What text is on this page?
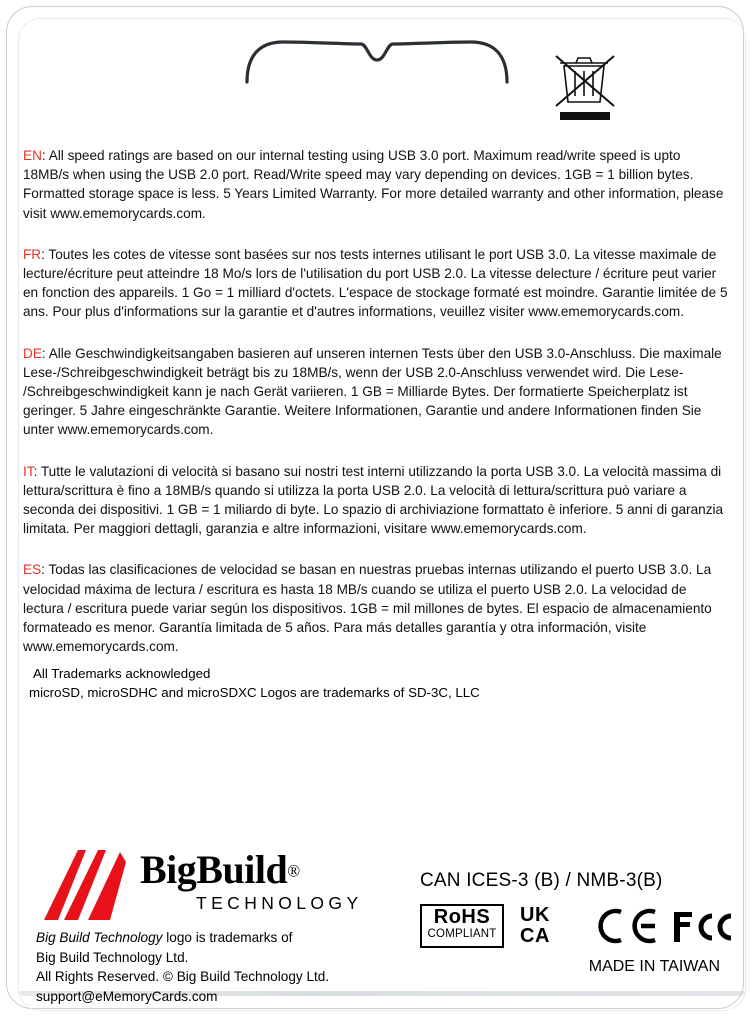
EN: All speed ratings are based on our internal testing using USB 3.0 port. Maximum read/write speed is upto 18MB/s when using the USB 2.0 port. Read/Write speed may vary depending on devices. 1GB = 1 billion bytes. Formatted storage space is less. 5 Years Limited Warranty. For more detailed warranty and other information, please visit www.ememorycards.com.

FR: Toutes les cotes de vitesse sont basées sur nos tests internes utilisant le port USB 3.0. La vitesse maximale de lecture/écriture peut atteindre 18 Mo/s lors de l'utilisation du port USB 2.0. La vitesse delecture / écriture peut varier en fonction des appareils. 1 Go = 1 milliard d'octets. L'espace de stockage formaté est moindre. Garantie limitée de 5 ans. Pour plus d'informations sur la garantie et d'autres informations, veuillez visiter www.ememorycards.com.

DE: Alle Geschwindigkeitsangaben basieren auf unseren internen Tests über den USB 3.0-Anschluss. Die maximale Lese-/Schreibgeschwindigkeit beträgt bis zu 18MB/s, wenn der USB 2.0-Anschluss verwendet wird. Die Lese- /Schreibgeschwindigkeit kann je nach Gerät variieren. 1 GB = Milliarde Bytes. Der formatierte Speicherplatz ist geringer. 5 Jahre eingeschränkte Garantie. Weitere Informationen, Garantie und andere Informationen finden Sie unter www.ememorycards.com.

IT: Tutte le valutazioni di velocità si basano sui nostri test interni utilizzando la porta USB 3.0. La velocità massima di lettura/scrittura è fino a 18MB/s quando si utilizza la porta USB 2.0. La velocità di lettura/scrittura può variare a seconda dei dispositivi. 1 GB = 1 miliardo di byte. Lo spazio di archiviazione formattato è inferiore. 5 anni di garanzia limitata. Per maggiori dettagli, garanzia e altre informazioni, visitare www.ememorycards.com.

ES: Todas las clasificaciones de velocidad se basan en nuestras pruebas internas utilizando el puerto USB 3.0. La velocidad máxima de lectura / escritura es hasta 18 MB/s cuando se utiliza el puerto USB 2.0. La velocidad de lectura / escritura puede variar según los dispositivos. 1GB = mil millones de bytes. El espacio de almacenamiento formateado es menor. Garantía limitada de 5 años. Para más detalles garantía y otra información, visite www.ememorycards.com.

All Trademarks acknowledged
microSD, microSDHC and microSDXC Logos are trademarks of SD-3C, LLC
BigBuild®
TECHNOLOGY
Big Build Technology logo is trademarks of
Big Build Technology Ltd.
All Rights Reserved. © Big Build Technology Ltd.
support@eMemoryCards.com
CAN ICES-3 (B) / NMB-3(B)
RoHS
COMPLIANT
UK
CA
MADE IN TAIWAN
